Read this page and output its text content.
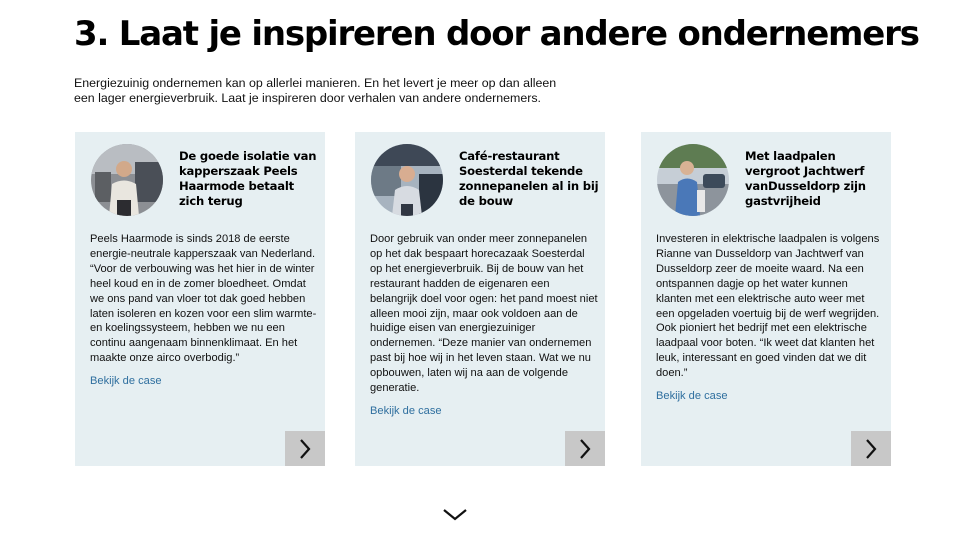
3. Laat je inspireren door andere ondernemers

Energiezuinig ondernemen kan op allerlei manieren. En het levert je meer op dan alleen een lager energieverbruik. Laat je inspireren door verhalen van andere ondernemers.

De goede isolatie van kapperszaak Peels Haarmode betaalt zich terug
Peels Haarmode is sinds 2018 de eerste energie-neutrale kapperszaak van Nederland. “Voor de verbouwing was het hier in de winter heel koud en in de zomer bloedheet. Omdat we ons pand van vloer tot dak goed hebben laten isoleren en kozen voor een slim warmte- en koelingssysteem, hebben we nu een continu aangenaam binnenklimaat. En het maakte onze airco overbodig.”
Bekijk de case
Café-restaurant Soesterdal tekende zonnepanelen al in bij de bouw
Door gebruik van onder meer zonnepanelen op het dak bespaart horecazaak Soesterdal op het energieverbruik. Bij de bouw van het restaurant hadden de eigenaren een belangrijk doel voor ogen: het pand moest niet alleen mooi zijn, maar ook voldoen aan de huidige eisen van energiezuiniger ondernemen. “Deze manier van ondernemen past bij hoe wij in het leven staan. Wat we nu opbouwen, laten wij na aan de volgende generatie.
Bekijk de case
Met laadpalen vergroot Jachtwerf vanDusseldorp zijn gastvrijheid
Investeren in elektrische laadpalen is volgens Rianne van Dusseldorp van Jachtwerf van Dusseldorp zeer de moeite waard. Na een ontspannen dagje op het water kunnen klanten met een elektrische auto weer met een opgeladen voertuig bij de werf wegrijden. Ook pioniert het bedrijf met een elektrische laadpaal voor boten. “Ik weet dat klanten het leuk, interessant en goed vinden dat we dit doen.”
Bekijk de case
